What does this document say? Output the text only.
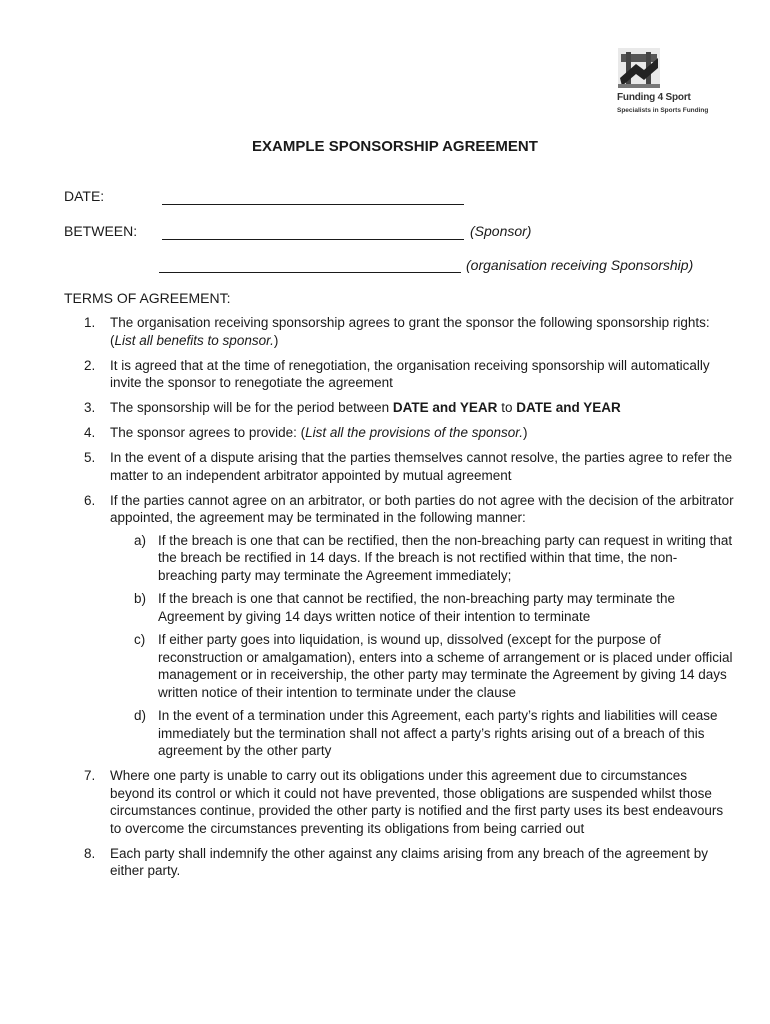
Funding 4 Sport
Specialists in Sports Funding
EXAMPLE SPONSORSHIP AGREEMENT
DATE:
BETWEEN:	(Sponsor)
(organisation receiving Sponsorship)
TERMS OF AGREEMENT:
1. The organisation receiving sponsorship agrees to grant the sponsor the following sponsorship rights: (List all benefits to sponsor.)
2. It is agreed that at the time of renegotiation, the organisation receiving sponsorship will automatically invite the sponsor to renegotiate the agreement
3. The sponsorship will be for the period between DATE and YEAR to DATE and YEAR
4. The sponsor agrees to provide: (List all the provisions of the sponsor.)
5. In the event of a dispute arising that the parties themselves cannot resolve, the parties agree to refer the matter to an independent arbitrator appointed by mutual agreement
6. If the parties cannot agree on an arbitrator, or both parties do not agree with the decision of the arbitrator appointed, the agreement may be terminated in the following manner:
a) If the breach is one that can be rectified, then the non-breaching party can request in writing that the breach be rectified in 14 days. If the breach is not rectified within that time, the non-breaching party may terminate the Agreement immediately;
b) If the breach is one that cannot be rectified, the non-breaching party may terminate the Agreement by giving 14 days written notice of their intention to terminate
c) If either party goes into liquidation, is wound up, dissolved (except for the purpose of reconstruction or amalgamation), enters into a scheme of arrangement or is placed under official management or in receivership, the other party may terminate the Agreement by giving 14 days written notice of their intention to terminate under the clause
d) In the event of a termination under this Agreement, each party’s rights and liabilities will cease immediately but the termination shall not affect a party’s rights arising out of a breach of this agreement by the other party
7. Where one party is unable to carry out its obligations under this agreement due to circumstances beyond its control or which it could not have prevented, those obligations are suspended whilst those circumstances continue, provided the other party is notified and the first party uses its best endeavours to overcome the circumstances preventing its obligations from being carried out
8. Each party shall indemnify the other against any claims arising from any breach of the agreement by either party.
